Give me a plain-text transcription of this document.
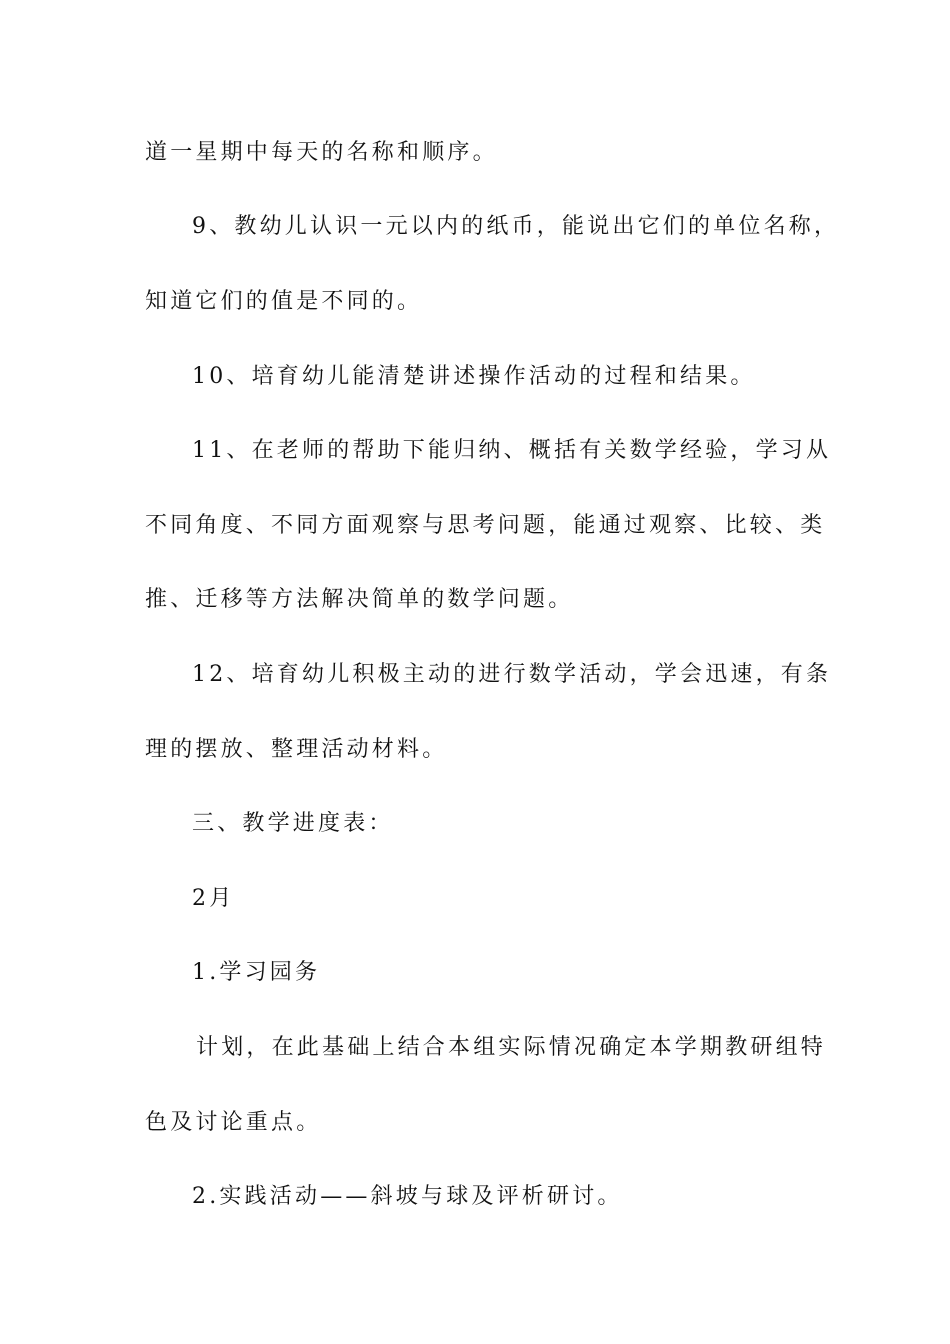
道一星期中每天的名称和顺序。
9、教幼儿认识一元以内的纸币，能说出它们的单位名称，
知道它们的值是不同的。
10、培育幼儿能清楚讲述操作活动的过程和结果。
11、在老师的帮助下能归纳、概括有关数学经验，学习从
不同角度、不同方面观察与思考问题，能通过观察、比较、类
推、迁移等方法解决简单的数学问题。
12、培育幼儿积极主动的进行数学活动，学会迅速，有条
理的摆放、整理活动材料。
三、教学进度表：
2月
1.学习园务
计划，在此基础上结合本组实际情况确定本学期教研组特
色及讨论重点。
2.实践活动——斜坡与球及评析研讨。
